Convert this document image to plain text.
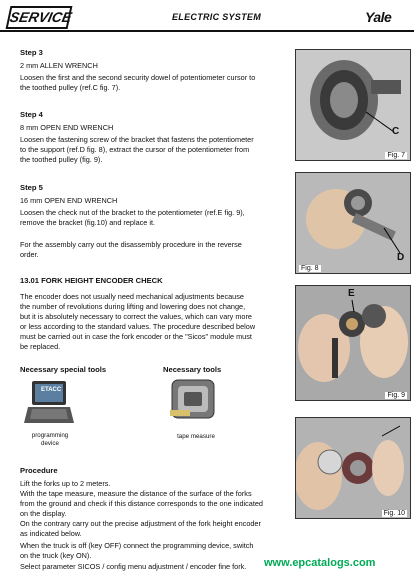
SERVICE	ELECTRIC SYSTEM	Yale
Step 3
2 mm ALLEN WRENCH
Loosen the first and the second security dowel of potentiometer cursor to
the toothed pulley (ref.C fig. 7).
Step 4
8 mm OPEN END WRENCH
Loosen the fastening screw of the bracket that fastens the potentiometer
to the support (ref.D fig. 8), extract the cursor of the potentiometer from
the toothed pulley (fig. 9).
Step 5
16 mm OPEN END WRENCH
Loosen the check nut of the bracket to the potentiometer (ref.E fig. 9),
remove the bracket (fig.10) and replace it.
For the assembly carry out the disassembly procedure in the reverse
order.
13.01 FORK HEIGHT ENCODER CHECK
The encoder does not usually need mechanical adjustments because
the number of revolutions during lifting and lowering does not change,
but it is absolutely necessary to correct the values, which can vary more
or less according to the standard values. The procedure described below
must be carried out in case the fork encoder or the "Sicos" module must
be replaced.
Necessary special tools	Necessary tools
ETACC
programming
device
tape measure
Procedure
Lift the forks up to 2 meters.
With the tape measure, measure the distance of the surface of the forks
from the ground and check if this distance corresponds to the one indicated
on the display.
On the contrary carry out the precise adjustment of the fork height encoder
as indicated below.
When the truck is off (key OFF) connect the programming device, switch
on the truck (key ON).
Select parameter SICOS / config menu adjustment / encoder fine fork.
C
Fig. 7
D
Fig. 8
E
Fig. 9
Fig. 10
www.epcatalogs.com
